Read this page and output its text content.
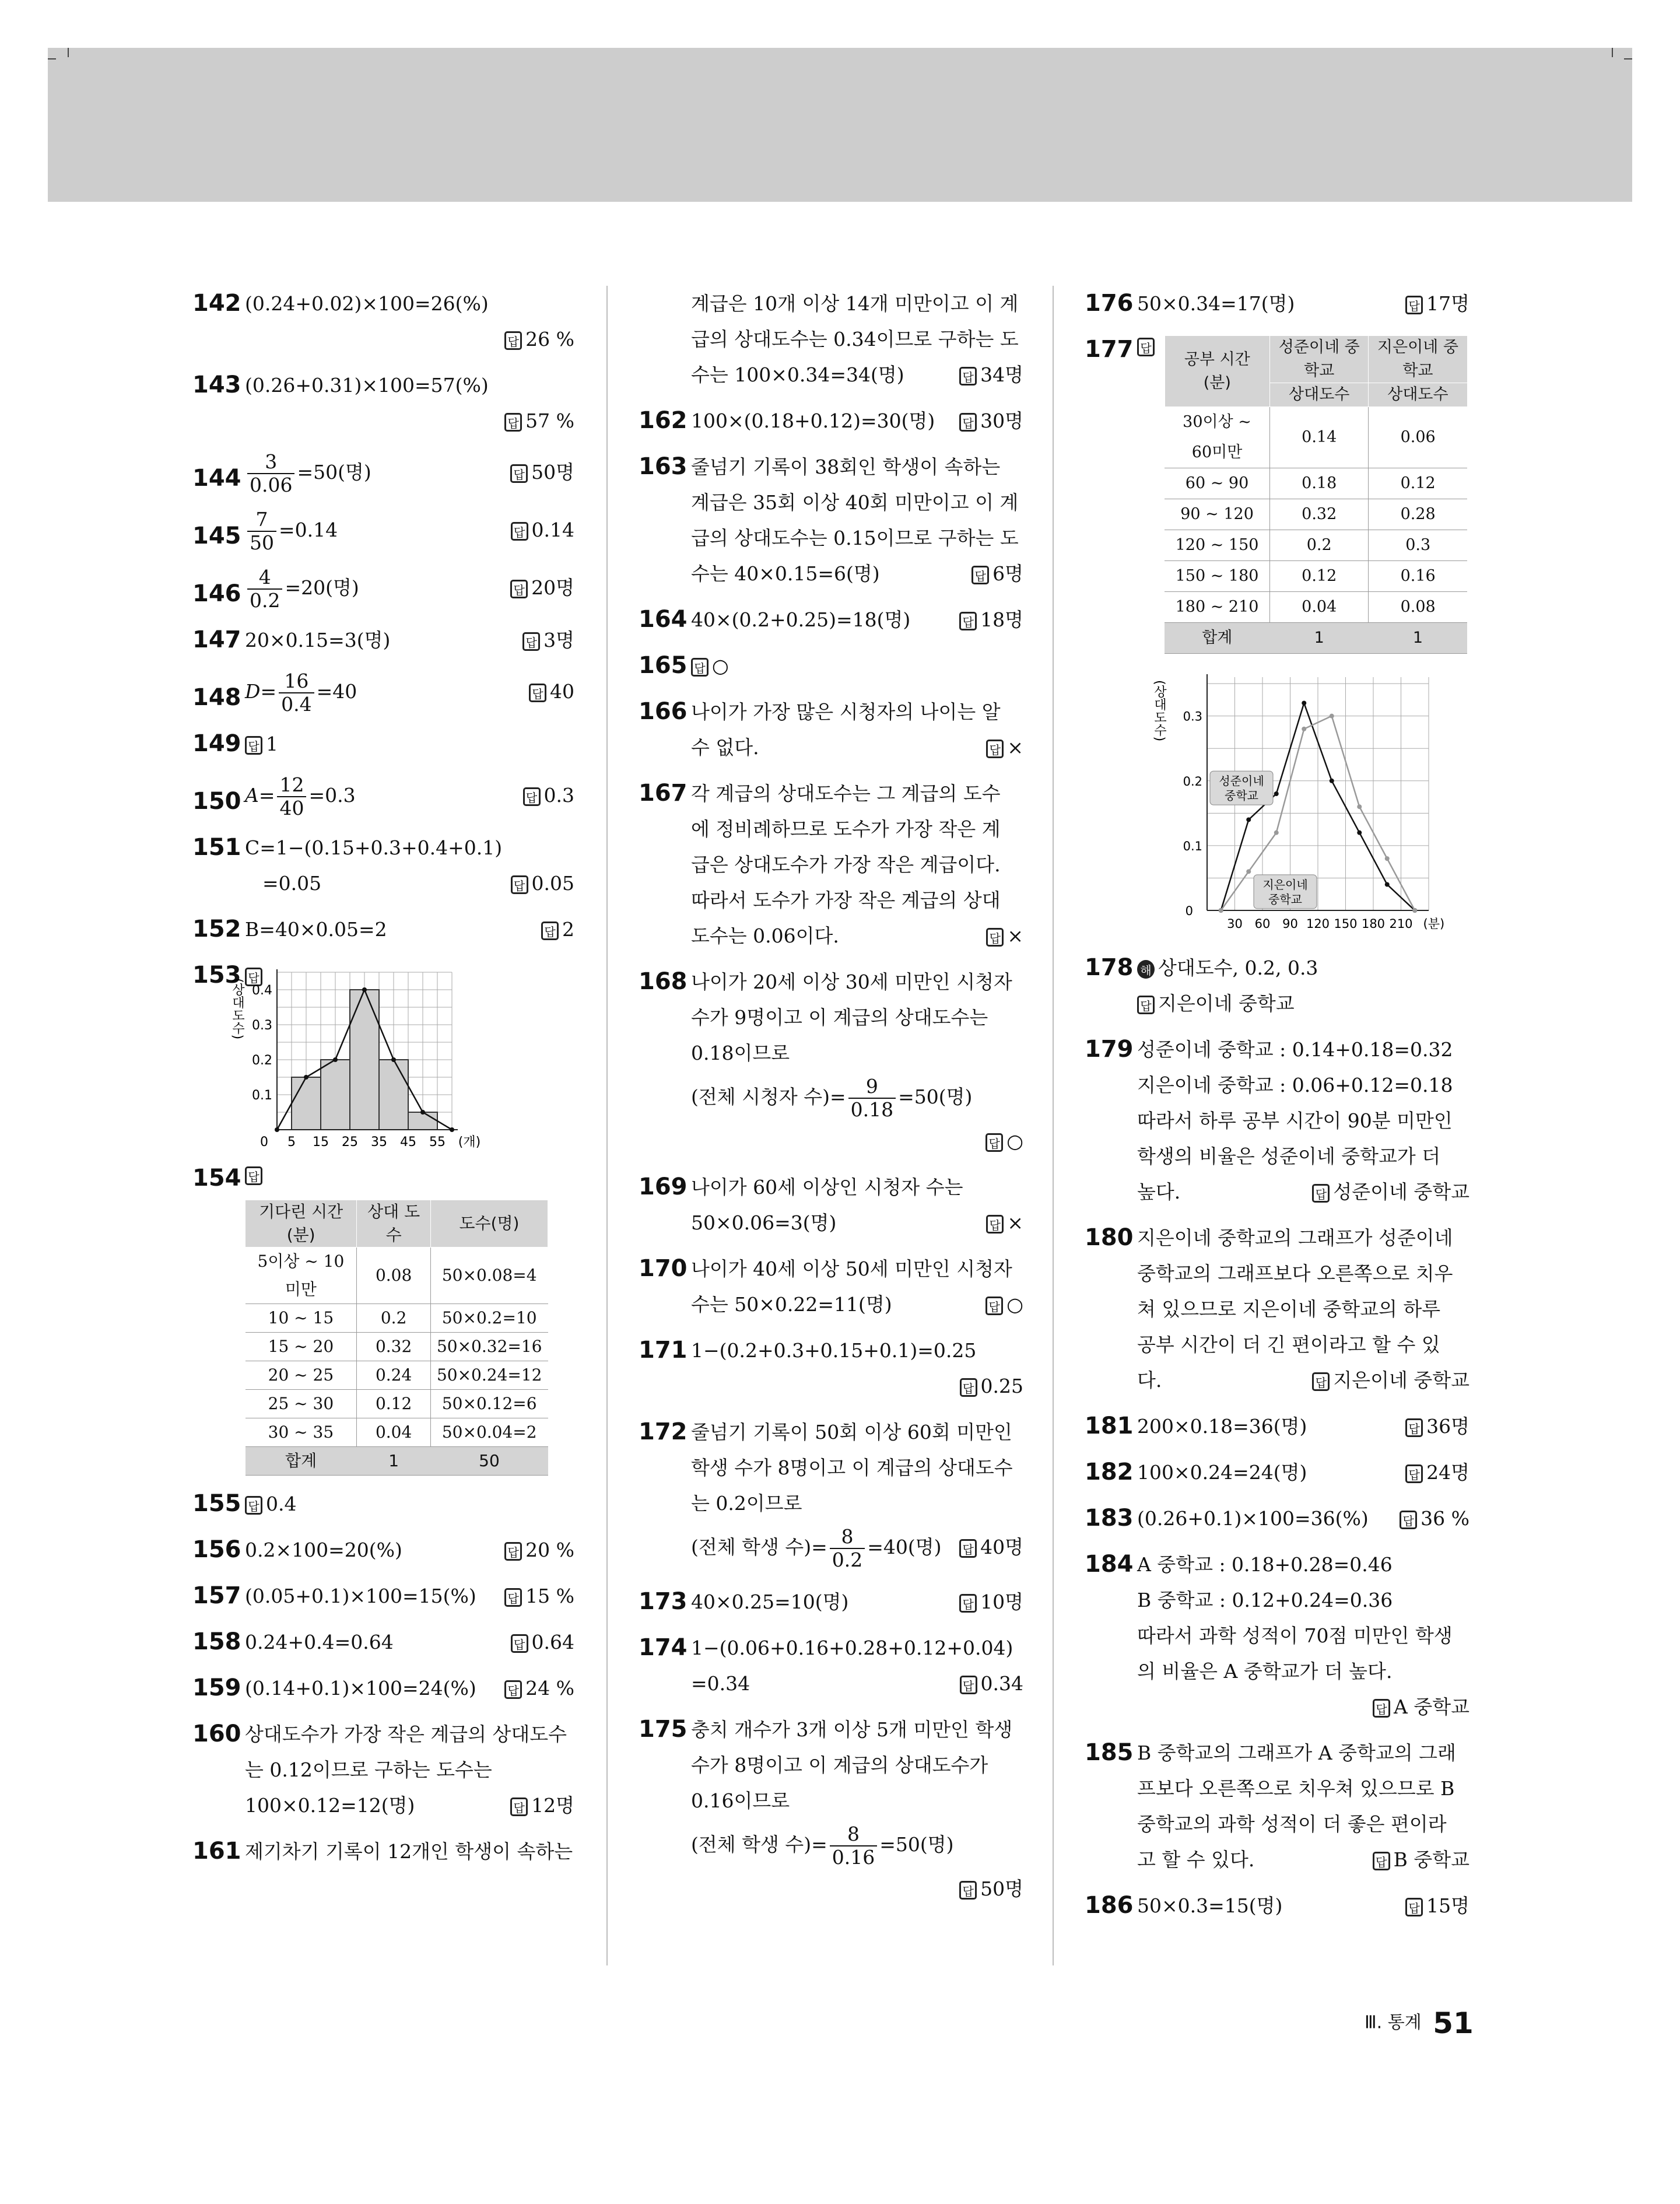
142 (0.24+0.02)×100=26(%)
답 26 %
143 (0.26+0.31)×100=57(%)
답 57 %
$144 \frac{3}{0.06} =50$(명)	답 50명
$145 \frac{7}{50} =0.14$	답 0.14
$146 \frac{4}{0.2} =20$(명)	답 20명
147 20×0.15=3(명)	답 3명
148 $D= \frac{16}{0.4} =40$	답 40
149 답 1
150 $A= \frac{12}{40} =0.3$	답 0.3
151 C=1−(0.15+0.3+0.4+0.1)
=0.05	답 0.05
152 B=40×0.05=2	답 2
153 답
0 5 15 25 35 45 55
0.1
0.2
0.3
0.4
(개)
(상대도수)
154 답 기다린 시간(분)	상대 도수	도수(명)
5이상 ~ 10미만	0.08	50×0.08=4
10 ~ 15	0.2	50×0.2=10
15 ~ 20	0.32	50×0.32=16
20 ~ 25	0.24	50×0.24=12
25 ~ 30	0.12	50×0.12=6
30 ~ 35	0.04	50×0.04=2
합계	1	50
155 답 0.4
156 0.2×100=20(%)	답 20 %
157 (0.05+0.1)×100=15(%)	답 15 %
158 0.24+0.4=0.64	답 0.64
159 (0.14+0.1)×100=24(%)	답 24 %
160 상대도수가 가장 작은 계급의 상대도수
는 0.12이므로 구하는 도수는
100×0.12=12(명)	답 12명
161 제기차기 기록이 12개인 학생이 속하는
계급은 10개 이상 14개 미만이고 이 계
급의 상대도수는 0.34이므로 구하는 도
수는 100×0.34=34(명)	답 34명
162 100×(0.18+0.12)=30(명) 답 30명
163 줄넘기 기록이 38회인 학생이 속하는
계급은 35회 이상 40회 미만이고 이 계
급의 상대도수는 0.15이므로 구하는 도
수는 40×0.15=6(명)	답 6명
164 40×(0.2+0.25)=18(명)	답 18명
165 답 ○
166 나이가 가장 많은 시청자의 나이는 알
수 없다.	답 ×
167 각 계급의 상대도수는 그 계급의 도수
에 정비례하므로 도수가 가장 작은 계
급은 상대도수가 가장 작은 계급이다.
따라서 도수가 가장 작은 계급의 상대
도수는 0.06이다.	답 ×
168 나이가 20세 이상 30세 미만인 시청자
수가 9명이고 이 계급의 상대도수는
0.18이므로
(전체 시청자 수)= $\frac{9}{0.18} =50$(명)
답 ○
169 나이가 60세 이상인 시청자 수는
50×0.06=3(명)	답 ×
170 나이가 40세 이상 50세 미만인 시청자
수는 50×0.22=11(명)	답 ○
171 1−(0.2+0.3+0.15+0.1)=0.25
답 0.25
172 줄넘기 기록이 50회 이상 60회 미만인
학생 수가 8명이고 이 계급의 상대도수
는 0.2이므로
(전체 학생 수)= $\frac{8}{0.2} =40$(명) 답 40명
173 40×0.25=10(명)	답 10명
174 1−(0.06+0.16+0.28+0.12+0.04)
=0.34	답 0.34
175 충치 개수가 3개 이상 5개 미만인 학생
수가 8명이고 이 계급의 상대도수가
0.16이므로
(전체 학생 수)= $\frac{8}{0.16} =50$(명)
답 50명
176 50×0.34=17(명)	답 17명
177 답 공부 시간(분)	성준이네 중학교	지은이네 중학교
	상대도수	상대도수
30이상 ~ 60미만	0.14	0.06
60 ~ 90	0.18	0.12
90 ~ 120	0.32	0.28
120 ~ 150	0.2	0.3
150 ~ 180	0.12	0.16
180 ~ 210	0.04	0.08
합계	1	1
30 60 90 120 150 180 210 (분)
0
0.1
0.2
0.3
(상대도수)
성준이네
중학교
지은이네
중학교
178 해 상대도수, 0.2, 0.3
답 지은이네 중학교
179 성준이네 중학교 : 0.14+0.18=0.32
지은이네 중학교 : 0.06+0.12=0.18
따라서 하루 공부 시간이 90분 미만인
학생의 비율은 성준이네 중학교가 더
높다.	답 성준이네 중학교
180 지은이네 중학교의 그래프가 성준이네
중학교의 그래프보다 오른쪽으로 치우
쳐 있으므로 지은이네 중학교의 하루
공부 시간이 더 긴 편이라고 할 수 있
다.	답 지은이네 중학교
181 200×0.18=36(명)	답 36명
182 100×0.24=24(명)	답 24명
183 (0.26+0.1)×100=36(%)	답 36 %
184 A 중학교 : 0.18+0.28=0.46
B 중학교 : 0.12+0.24=0.36
따라서 과학 성적이 70점 미만인 학생
의 비율은 A 중학교가 더 높다.
답 A 중학교
185 B 중학교의 그래프가 A 중학교의 그래
프보다 오른쪽으로 치우쳐 있으므로 B
중학교의 과학 성적이 더 좋은 편이라
고 할 수 있다.	답 B 중학교
186 50×0.3=15(명)	답 15명
Ⅲ. 통계 51
